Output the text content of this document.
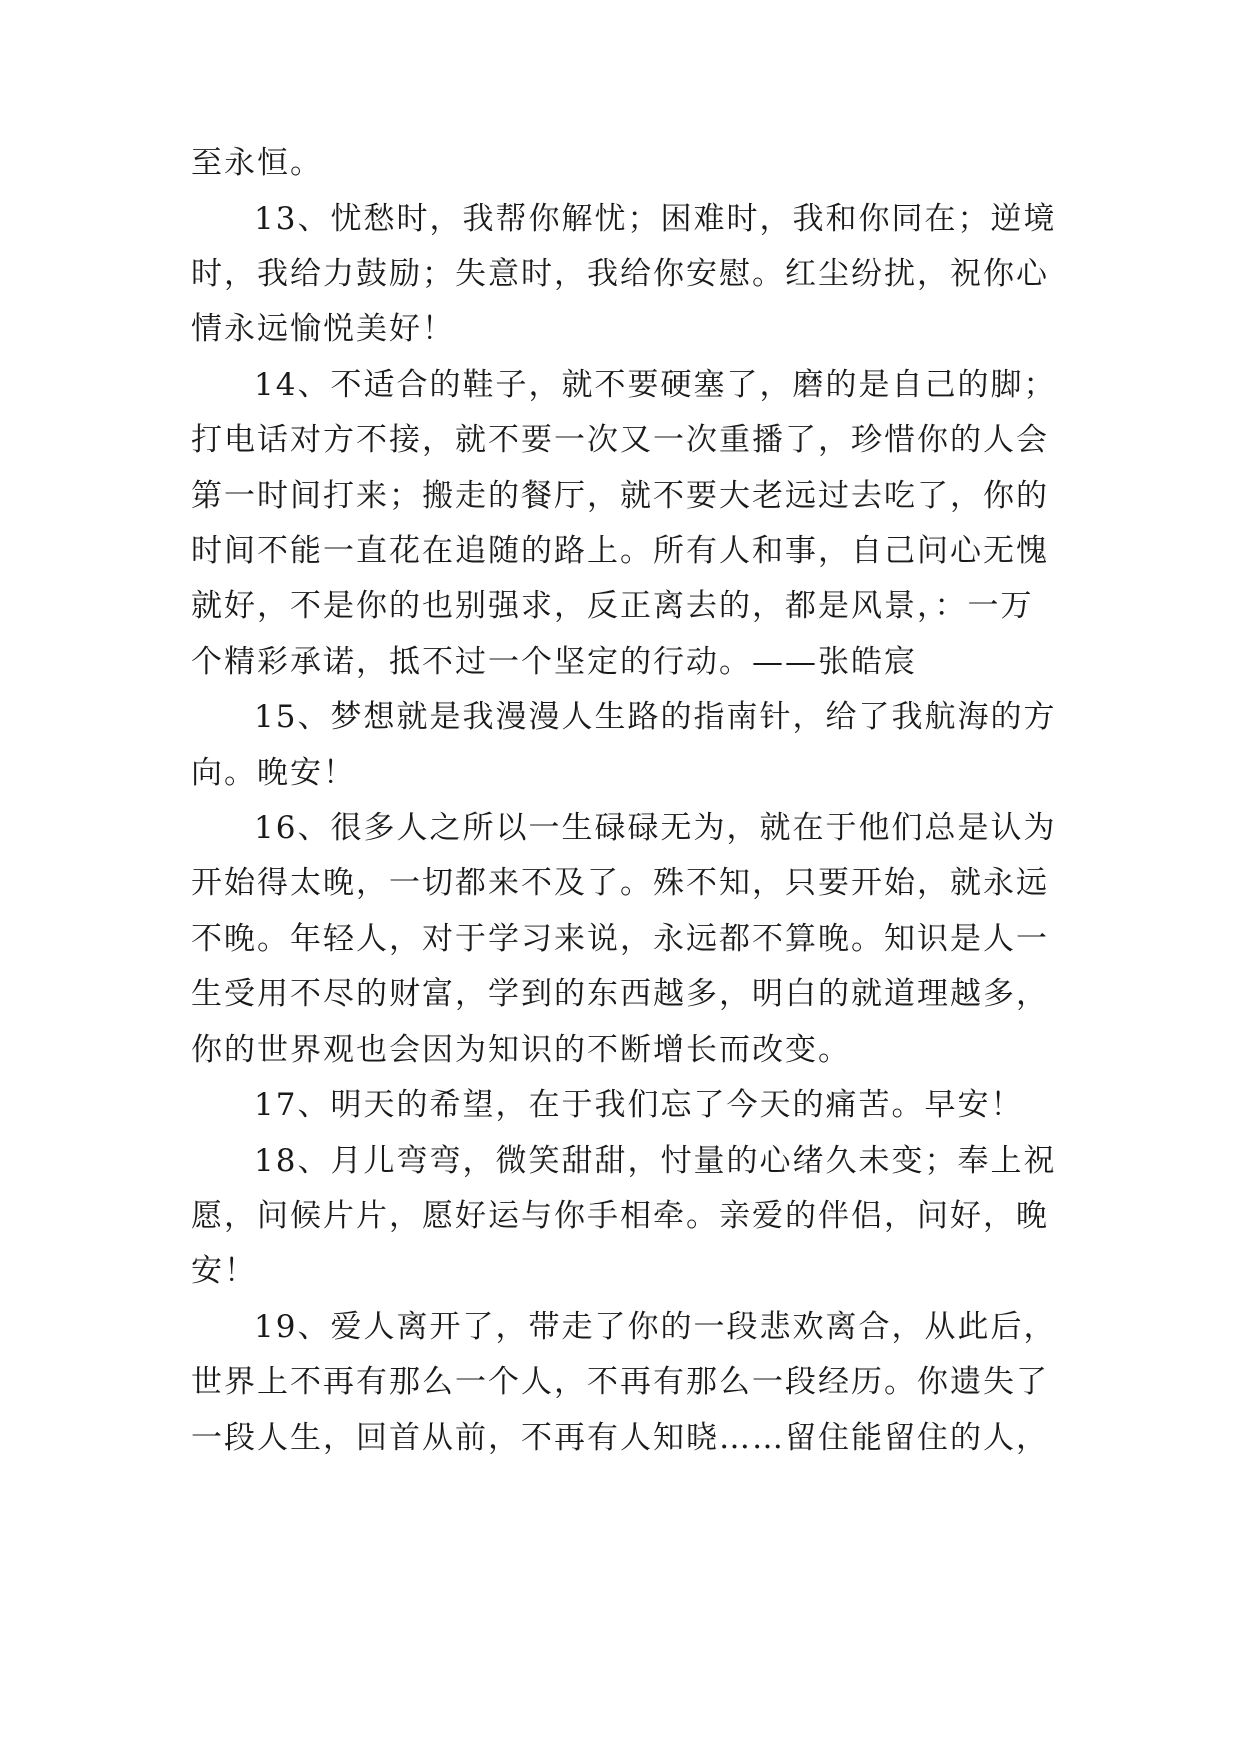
至永恒。
13、忧愁时，我帮你解忧；困难时，我和你同在；逆境
时，我给力鼓励；失意时，我给你安慰。红尘纷扰，祝你心
情永远愉悦美好！
14、不适合的鞋子，就不要硬塞了，磨的是自己的脚；
打电话对方不接，就不要一次又一次重播了，珍惜你的人会
第一时间打来；搬走的餐厅，就不要大老远过去吃了，你的
时间不能一直花在追随的路上。所有人和事，自己问心无愧
就好，不是你的也别强求，反正离去的，都是风景，：一万
个精彩承诺，抵不过一个坚定的行动。——张皓宸
15、梦想就是我漫漫人生路的指南针，给了我航海的方
向。晚安！
16、很多人之所以一生碌碌无为，就在于他们总是认为
开始得太晚，一切都来不及了。殊不知，只要开始，就永远
不晚。年轻人，对于学习来说，永远都不算晚。知识是人一
生受用不尽的财富，学到的东西越多，明白的就道理越多，
你的世界观也会因为知识的不断增长而改变。
17、明天的希望，在于我们忘了今天的痛苦。早安！
18、月儿弯弯，微笑甜甜，忖量的心绪久未变；奉上祝
愿，问候片片，愿好运与你手相牵。亲爱的伴侣，问好，晚
安！
19、爱人离开了，带走了你的一段悲欢离合，从此后，
世界上不再有那么一个人，不再有那么一段经历。你遗失了
一段人生，回首从前，不再有人知晓……留住能留住的人，
